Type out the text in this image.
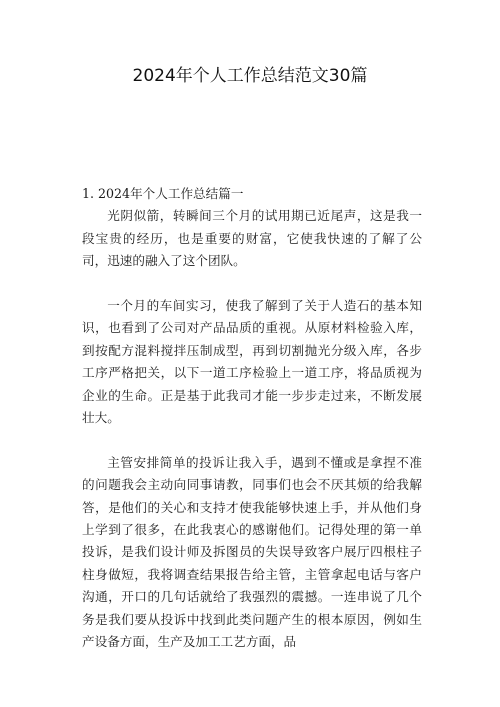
2024年个人工作总结范文30篇
1. 2024年个人工作总结篇一

光阴似箭，转瞬间三个月的试用期已近尾声，这是我一段宝贵的经历，也是重要的财富，它使我快速的了解了公司，迅速的融入了这个团队。

一个月的车间实习，使我了解到了关于人造石的基本知识，也看到了公司对产品品质的重视。从原材料检验入库，到按配方混料搅拌压制成型，再到切割抛光分级入库，各步工序严格把关，以下一道工序检验上一道工序，将品质视为企业的生命。正是基于此我司才能一步步走过来，不断发展壮大。

主管安排简单的投诉让我入手，遇到不懂或是拿捏不准的问题我会主动向同事请教，同事们也会不厌其烦的给我解答，是他们的关心和支持才使我能够快速上手，并从他们身上学到了很多，在此我衷心的感谢他们。记得处理的第一单投诉，是我们设计师及拆图员的失误导致客户展厅四根柱子柱身做短，我将调查结果报告给主管，主管拿起电话与客户沟通，开口的几句话就给了我强烈的震撼。一连串说了几个务是我们要从投诉中找到此类问题产生的根本原因，例如生产设备方面，生产及加工工艺方面，品
